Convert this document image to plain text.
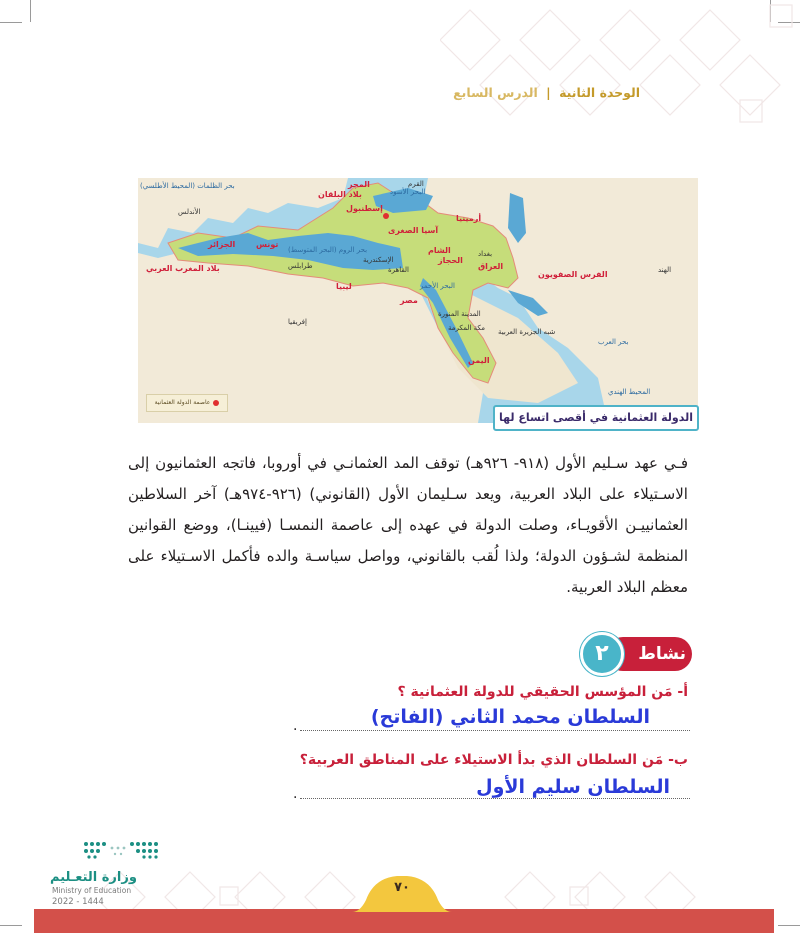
الوحدة الثانية | الدرس السابع
إسطنبول
آسيا الصغرى
أرمينيا
العراق
بغداد
الشام
مصر
القاهرة
الإسكندرية
ليبيا
تونس
الجزائر
بلاد المغرب العربي
الحجاز
المدينة المنورة
مكة المكرمة
اليمن
الفرس الصفويون
بحر الروم (البحر المتوسط)
البحر الأسود
بحر العرب
المحيط الهندي
بحر الظلمات (المحيط الأطلسي)
الأندلس
إفريقيا
شبه الجزيرة العربية
بلاد البلقان
المجر	القرم
طرابلس
البحر الأحمر
الهند
عاصمة الدولة العثمانية
الدولة العثمانية في أقصى اتساع لها

فـي عهد سـليم الأول (٩١٨- ٩٢٦هـ) توقف المد العثمانـي في أوروبا، فاتجه العثمانيون إلى الاسـتيلاء على البلاد العربية، ويعد سـليمان الأول (القانوني) (٩٢٦-٩٧٤هـ) آخر السلاطين العثمانييـن الأقويـاء، وصلت الدولة في عهده إلى عاصمة النمسـا (فيينـا)، ووضع القوانين المنظمة لشـؤون الدولة؛ ولذا لُقب بالقانوني، وواصل سياسـة والده فأكمل الاسـتيلاء على معظم البلاد العربية.

نشاط
٢
أ- مَن المؤسس الحقيقي للدولة العثمانية ؟
السلطان محمد الثاني (الفاتح)
.
ب- مَن السلطان الذي بدأ الاستيلاء على المناطق العربية؟
السلطان سليم الأول
.
٧٠
وزارة التعـليم
Ministry of Education
2022 - 1444
